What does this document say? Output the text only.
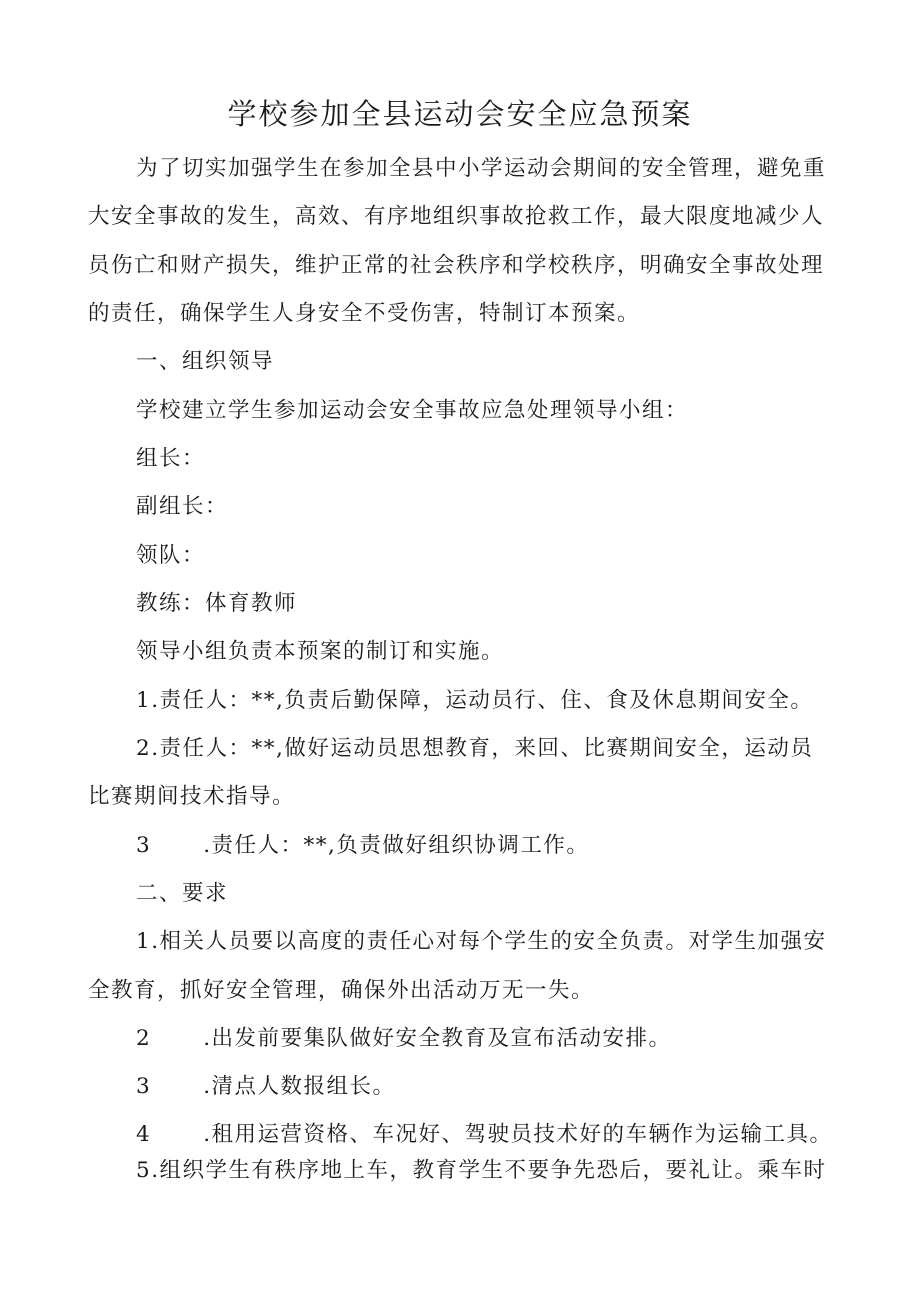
学校参加全县运动会安全应急预案
为了切实加强学生在参加全县中小学运动会期间的安全管理，避免重
大安全事故的发生，高效、有序地组织事故抢救工作，最大限度地减少人
员伤亡和财产损失，维护正常的社会秩序和学校秩序，明确安全事故处理
的责任，确保学生人身安全不受伤害，特制订本预案。
一、组织领导
学校建立学生参加运动会安全事故应急处理领导小组：
组长：
副组长：
领队：
教练：体育教师
领导小组负责本预案的制订和实施。
1.责任人：**,负责后勤保障，运动员行、住、食及休息期间安全。
2.责任人：**,做好运动员思想教育，来回、比赛期间安全，运动员
比赛期间技术指导。
3 .责任人：**,负责做好组织协调工作。
二、要求
1.相关人员要以高度的责任心对每个学生的安全负责。对学生加强安
全教育，抓好安全管理，确保外出活动万无一失。
2 .出发前要集队做好安全教育及宣布活动安排。
3 .清点人数报组长。
4 .租用运营资格、车况好、驾驶员技术好的车辆作为运输工具。
5.组织学生有秩序地上车，教育学生不要争先恐后，要礼让。乘车时
